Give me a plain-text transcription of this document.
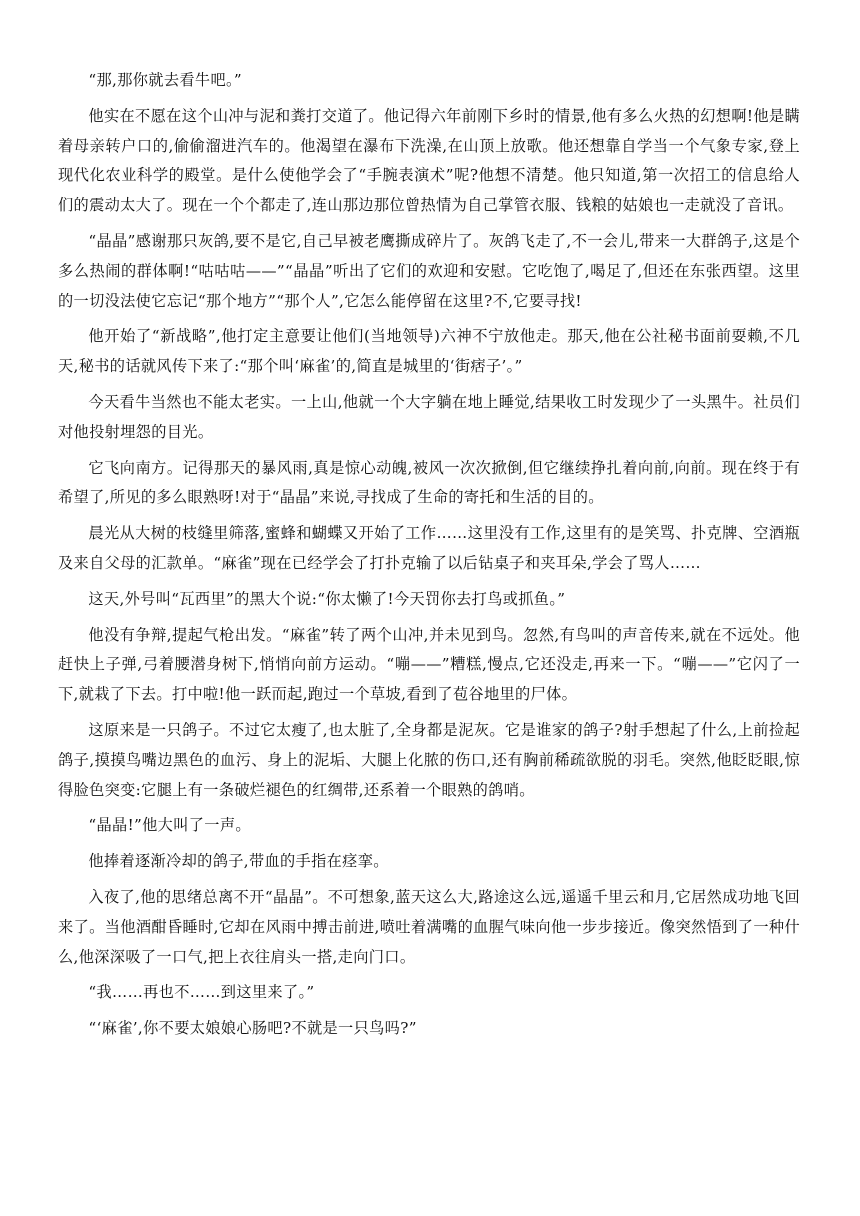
“那,那你就去看牛吧。”

他实在不愿在这个山冲与泥和粪打交道了。他记得六年前刚下乡时的情景,他有多么火热的幻想啊!他是瞒着母亲转户口的,偷偷溜进汽车的。他渴望在瀑布下洗澡,在山顶上放歌。他还想靠自学当一个气象专家,登上现代化农业科学的殿堂。是什么使他学会了“手腕表演术”呢?他想不清楚。他只知道,第一次招工的信息给人们的震动太大了。现在一个个都走了,连山那边那位曾热情为自己掌管衣服、钱粮的姑娘也一走就没了音讯。

“晶晶”感谢那只灰鸽,要不是它,自己早被老鹰撕成碎片了。灰鸽飞走了,不一会儿,带来一大群鸽子,这是个多么热闹的群体啊!“咕咕咕——”“晶晶”听出了它们的欢迎和安慰。它吃饱了,喝足了,但还在东张西望。这里的一切没法使它忘记“那个地方”“那个人”,它怎么能停留在这里?不,它要寻找!

他开始了“新战略”,他打定主意要让他们(当地领导)六神不宁放他走。那天,他在公社秘书面前耍赖,不几天,秘书的话就风传下来了:“那个叫‘麻雀’的,简直是城里的‘街痞子’。”

今天看牛当然也不能太老实。一上山,他就一个大字躺在地上睡觉,结果收工时发现少了一头黑牛。社员们对他投射埋怨的目光。

它飞向南方。记得那天的暴风雨,真是惊心动魄,被风一次次掀倒,但它继续挣扎着向前,向前。现在终于有希望了,所见的多么眼熟呀!对于“晶晶”来说,寻找成了生命的寄托和生活的目的。

晨光从大树的枝缝里筛落,蜜蜂和蝴蝶又开始了工作……这里没有工作,这里有的是笑骂、扑克牌、空酒瓶及来自父母的汇款单。“麻雀”现在已经学会了打扑克输了以后钻桌子和夹耳朵,学会了骂人……

这天,外号叫“瓦西里”的黑大个说:“你太懒了!今天罚你去打鸟或抓鱼。”

他没有争辩,提起气枪出发。“麻雀”转了两个山冲,并未见到鸟。忽然,有鸟叫的声音传来,就在不远处。他赶快上子弹,弓着腰潜身树下,悄悄向前方运动。“嘣——”糟糕,慢点,它还没走,再来一下。“嘣——”它闪了一下,就栽了下去。打中啦!他一跃而起,跑过一个草坡,看到了苞谷地里的尸体。

这原来是一只鸽子。不过它太瘦了,也太脏了,全身都是泥灰。它是谁家的鸽子?射手想起了什么,上前捡起鸽子,摸摸鸟嘴边黑色的血污、身上的泥垢、大腿上化脓的伤口,还有胸前稀疏欲脱的羽毛。突然,他眨眨眼,惊得脸色突变:它腿上有一条破烂褪色的红绸带,还系着一个眼熟的鸽哨。

“晶晶!”他大叫了一声。

他捧着逐渐冷却的鸽子,带血的手指在痉挛。

入夜了,他的思绪总离不开“晶晶”。不可想象,蓝天这么大,路途这么远,遥遥千里云和月,它居然成功地飞回来了。当他酒酣昏睡时,它却在风雨中搏击前进,喷吐着满嘴的血腥气味向他一步步接近。像突然悟到了一种什么,他深深吸了一口气,把上衣往肩头一搭,走向门口。

“我……再也不……到这里来了。”

“‘麻雀’,你不要太娘娘心肠吧?不就是一只鸟吗?”
